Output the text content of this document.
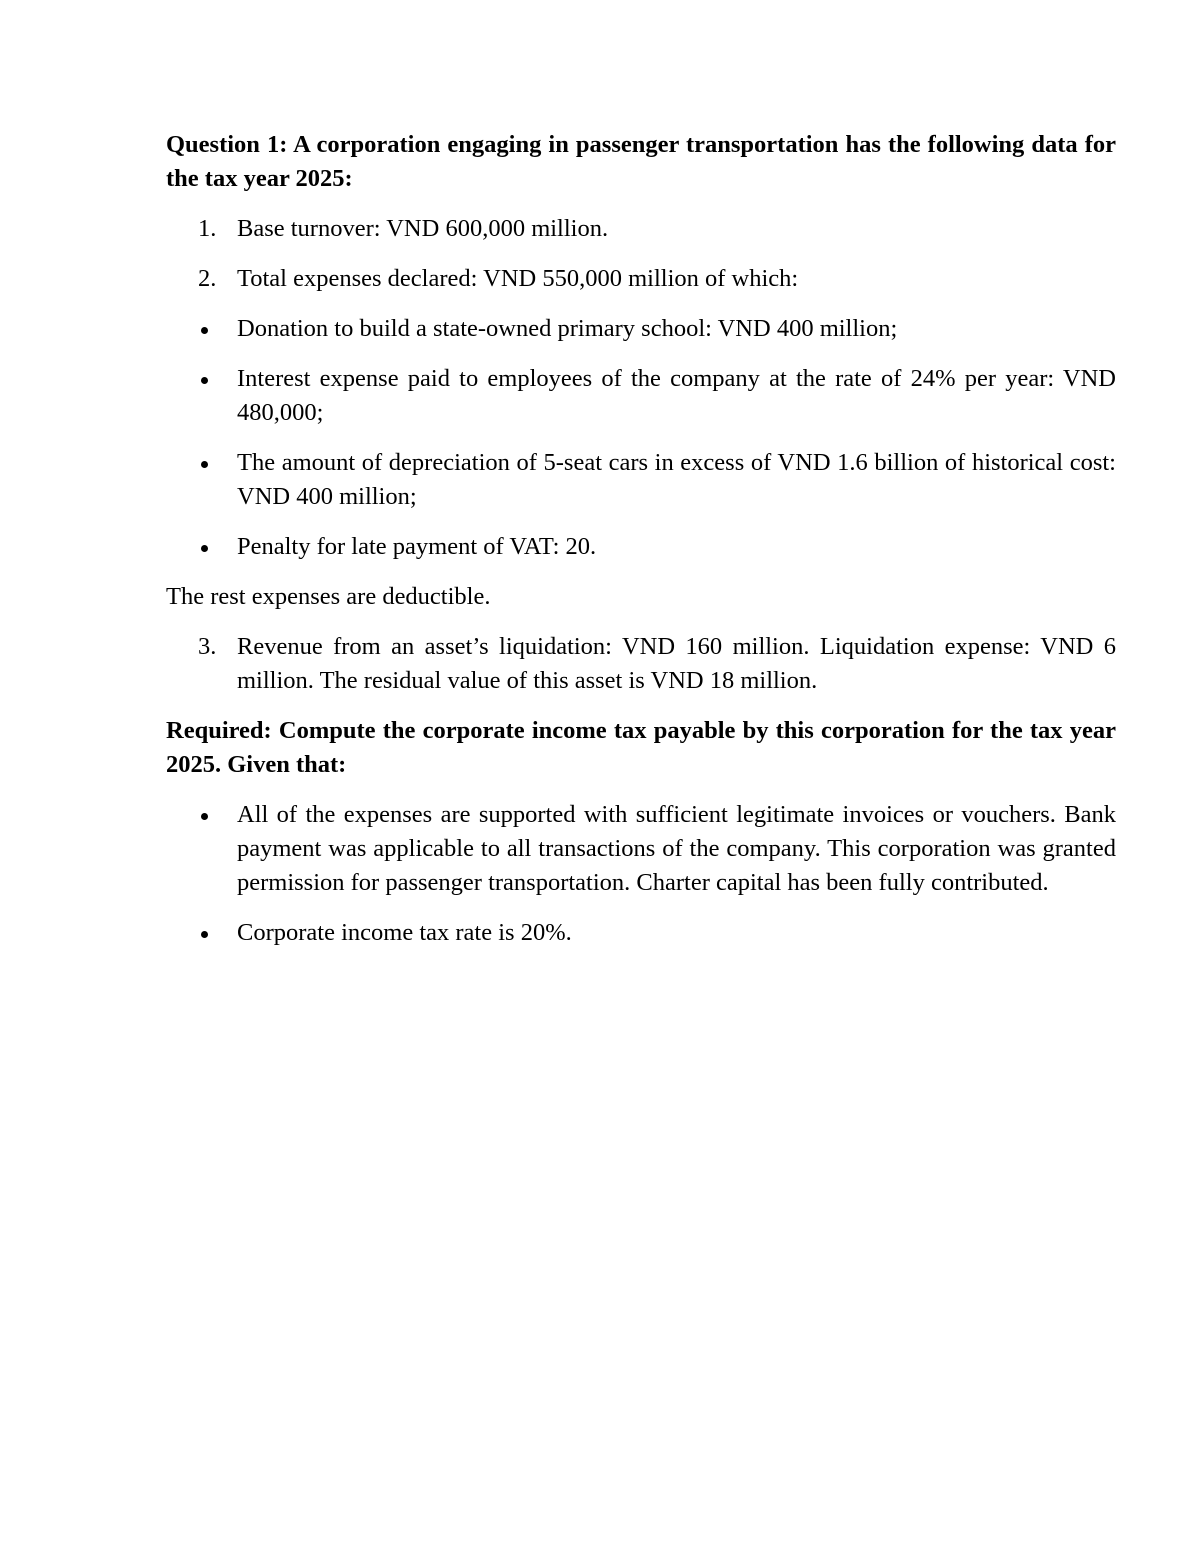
Question 1: A corporation engaging in passenger transportation has the following data for the tax year 2025:

1. Base turnover: VND 600,000 million.
2. Total expenses declared: VND 550,000 million of which:
Donation to build a state-owned primary school: VND 400 million;
Interest expense paid to employees of the company at the rate of 24% per year: VND 480,000;
The amount of depreciation of 5-seat cars in excess of VND 1.6 billion of historical cost: VND 400 million;
Penalty for late payment of VAT: 20.

The rest expenses are deductible.

3. Revenue from an asset’s liquidation: VND 160 million. Liquidation expense: VND 6 million. The residual value of this asset is VND 18 million.

Required: Compute the corporate income tax payable by this corporation for the tax year 2025. Given that:

All of the expenses are supported with sufficient legitimate invoices or vouchers. Bank payment was applicable to all transactions of the company. This corporation was granted permission for passenger transportation. Charter capital has been fully contributed.
Corporate income tax rate is 20%.
